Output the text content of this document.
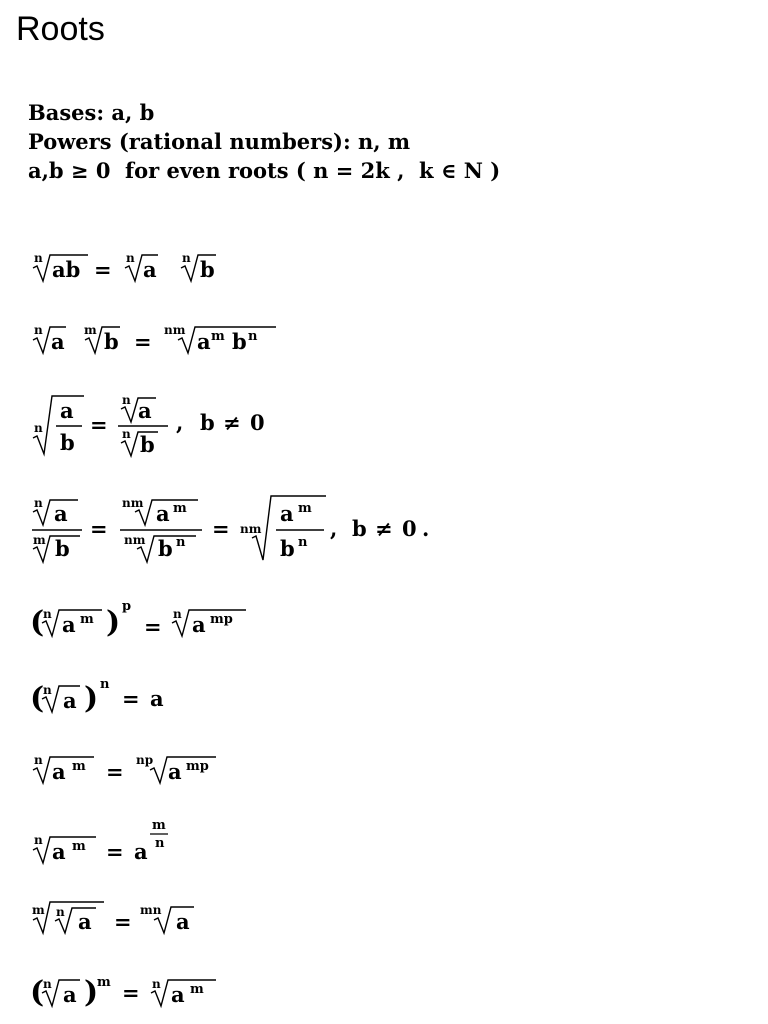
Roots
Bases: a, b
Powers (rational numbers): n, m
a,b ≥ 0  for even roots ( n = 2k ,  k ∈ N )
n ab = n a n b
n a m b = nm a m b n
n
a
b
=
n a
n b
, b ≠ 0
n a
m b
=
nm a m
nm b n
= nm
a m
b n
, b ≠ 0 .
(
n a m ) p
= n a mp
(
n a ) n
= a
n a m = np a mp
n a m = a
m
n
m n a = mn a
(
n a )
m = n a m
